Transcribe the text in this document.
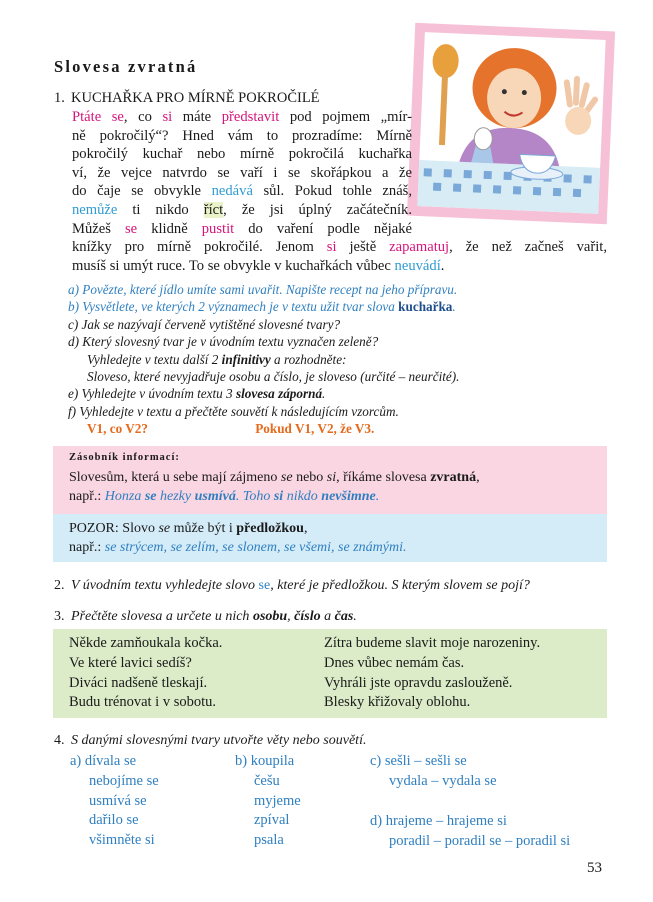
Slovesa zvratná
1. KUCHAŘKA PRO MÍRNĚ POKROČILÉ
Ptáte se, co si máte představit pod pojmem „mír-
ně pokročilý“? Hned vám to prozradíme: Mírně
pokročilý kuchař nebo mírně pokročilá kuchařka
ví, že vejce natvrdo se vaří i se skořápkou a že
do čaje se obvykle nedává sůl. Pokud tohle znáš,
nemůže ti nikdo říct, že jsi úplný začátečník.
Můžeš se klidně pustit do vaření podle nějaké
knížky pro mírně pokročilé. Jenom si ještě zapamatuj, že než začneš vařit,
musíš si umýt ruce. To se obvykle v kuchařkách vůbec neuvádí.
a) Povězte, které jídlo umíte sami uvařit. Napište recept na jeho přípravu.
b) Vysvětlete, ve kterých 2 významech je v textu užit tvar slova kuchařka.
c) Jak se nazývají červeně vytištěné slovesné tvary?
d) Který slovesný tvar je v úvodním textu vyznačen zeleně?
Vyhledejte v textu další 2 infinitivy a rozhodněte:
Sloveso, které nevyjadřuje osobu a číslo, je sloveso (určité – neurčité).
e) Vyhledejte v úvodním textu 3 slovesa záporná.
f) Vyhledejte v textu a přečtěte souvětí k následujícím vzorcům.
V1, co V2?	Pokud V1, V2, že V3.
Zásobník informací:
Slovesům, která u sebe mají zájmeno se nebo si, říkáme slovesa zvratná,
např.: Honza se hezky usmívá. Toho si nikdo nevšimne.
POZOR: Slovo se může být i předložkou,
např.: se strýcem, se zelím, se slonem, se všemi, se známými.
2. V úvodním textu vyhledejte slovo se, které je předložkou. S kterým slovem se pojí?
3. Přečtěte slovesa a určete u nich osobu, číslo a čas.
Někde zamňoukala kočka.
Ve které lavici sedíš?
Diváci nadšeně tleskají.
Budu trénovat i v sobotu.
Zítra budeme slavit moje narozeniny.
Dnes vůbec nemám čas.
Vyhráli jste opravdu zaslouženě.
Blesky křižovaly oblohu.
4. S danými slovesnými tvary utvořte věty nebo souvětí.
a) dívala se
nebojíme se
usmívá se
dařilo se
všimněte si
b) koupila
češu
myjeme
zpíval
psala
c) sešli – sešli se
vydala – vydala se
d) hrajeme – hrajeme si
poradil – poradil se – poradil si
53
